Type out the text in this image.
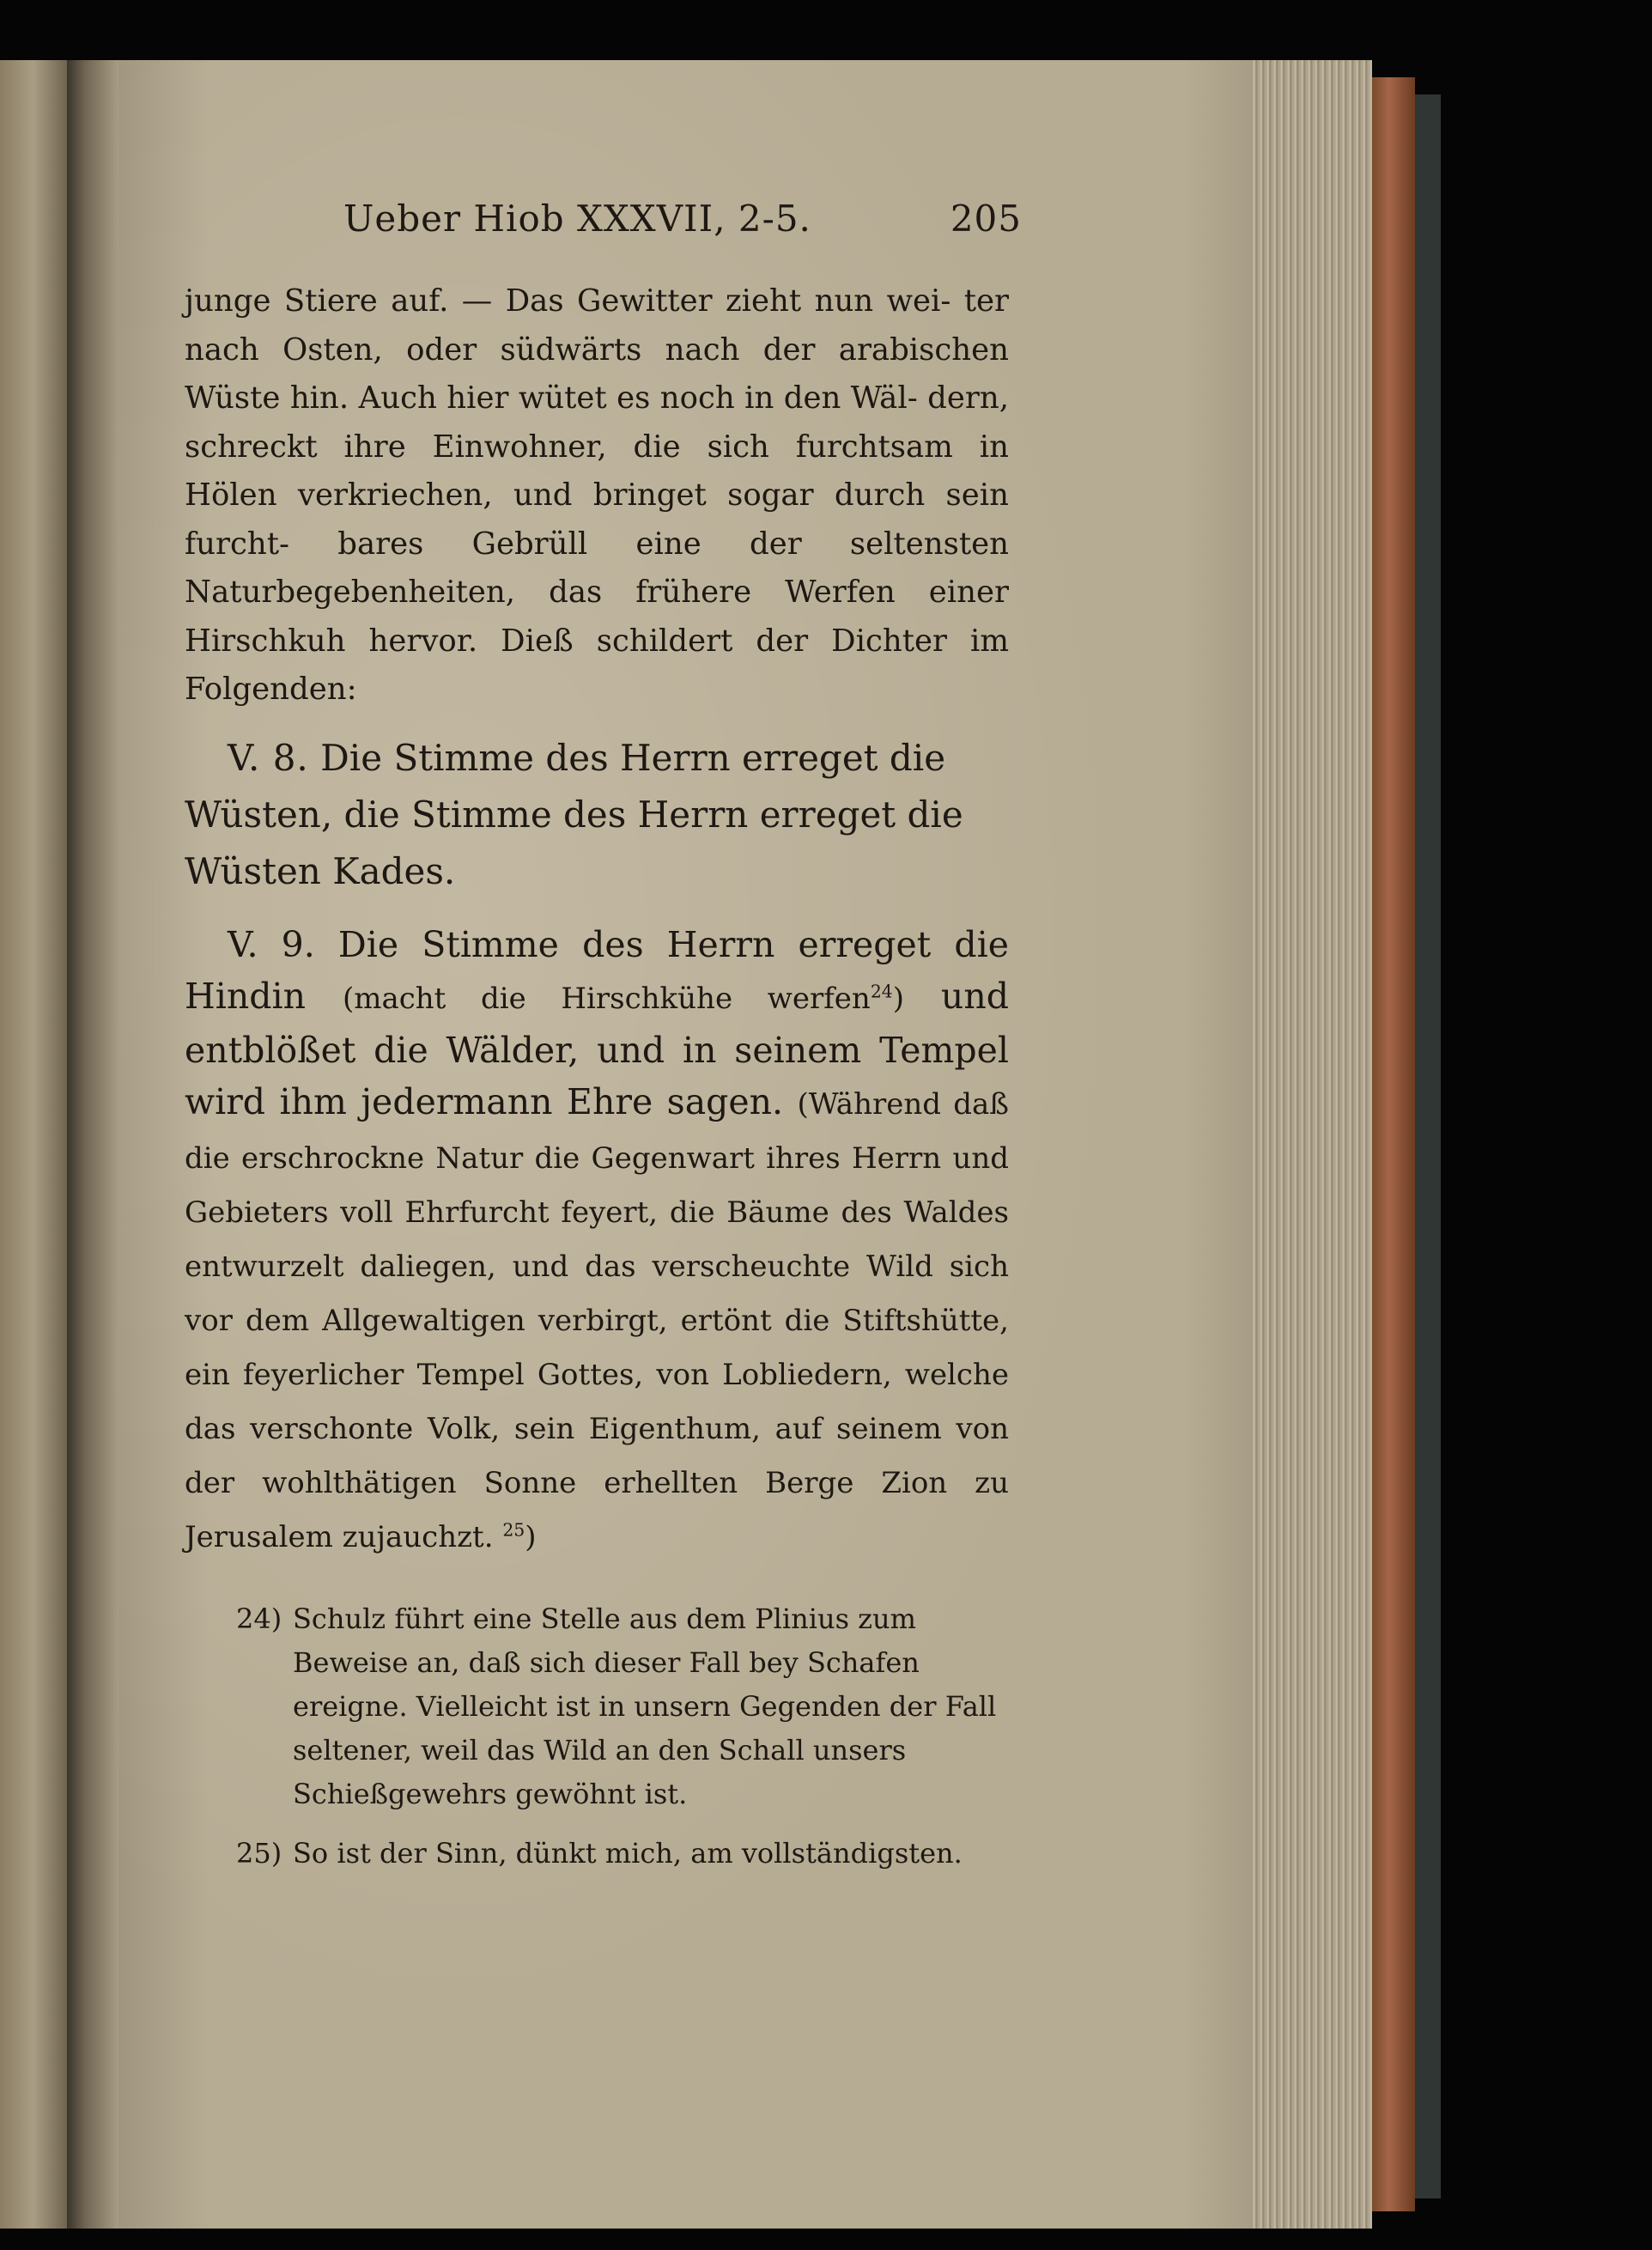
Ueber Hiob XXXVII, 2-5.	205
junge Stiere auf. — Das Gewitter zieht nun wei- ter nach Osten, oder südwärts nach der arabischen Wüste hin. Auch hier wütet es noch in den Wäl- dern, schreckt ihre Einwohner, die sich furchtsam in Hölen verkriechen, und bringet sogar durch sein furcht- bares Gebrüll eine der seltensten Naturbegebenheiten, das frühere Werfen einer Hirschkuh hervor. Dieß schildert der Dichter im Folgenden:
V. 8. Die Stimme des Herrn erreget die Wüsten, die Stimme des Herrn erreget die Wüsten Kades.
V. 9. Die Stimme des Herrn erreget die Hindin (macht die Hirschkühe werfen$^{24}$) und entblößet die Wälder, und in seinem Tempel wird ihm jedermann Ehre sagen. (Während daß die erschrockne Natur die Gegenwart ihres Herrn und Gebieters voll Ehrfurcht feyert, die Bäume des Waldes entwurzelt daliegen, und das verscheuchte Wild sich vor dem Allgewaltigen verbirgt, ertönt die Stiftshütte, ein feyerlicher Tempel Gottes, von Lobliedern, welche das verschonte Volk, sein Eigenthum, auf seinem von der wohlthätigen Sonne erhellten Berge Zion zu Jerusalem zujauchzt. $^{25}$)
24) Schulz führt eine Stelle aus dem Plinius zum Beweise an, daß sich dieser Fall bey Schafen ereigne. Vielleicht ist in unsern Gegenden der Fall seltener, weil das Wild an den Schall unsers Schießgewehrs gewöhnt ist.
25) So ist der Sinn, dünkt mich, am vollständigsten.
